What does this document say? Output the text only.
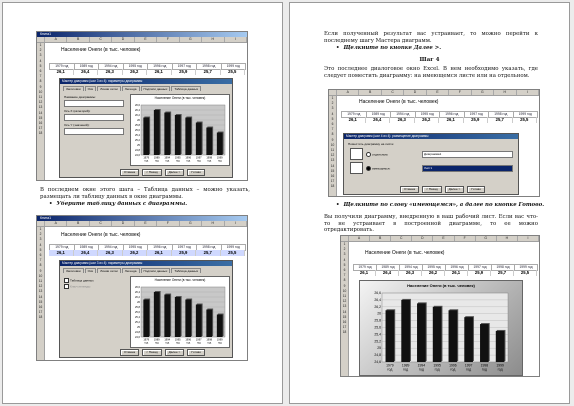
Книга1
A	B	C	D	E	F	G	H	I
1
2
3
4
5
6
7
8
9
10
11
12
13
14
15
16
17
18
Население Онеги (в тыс. человек)
1979 год	1989 год	1994 год	1995 год	1996 год	1997 год	1998 год	1999 год
26,1	26,4	26,3	26,2	26,1	25,9	25,7	25,5
Мастер диаграмм (шаг 3 из 4): параметры диаграммы
Заголовки	Оси	Линии сетки	Легенда	Подписи данных	Таблица данных
Название диаграммы:
Ось X (категорий):
Ось Y (значений):
Население Онеги (в тыс. человек)
24,6
24,8
25
25,2
25,4
25,6
25,8
26
26,2
26,4
26,6
1979 год
1989 год
1994 год
1995 год
1996 год
1997 год
1998 год
1999 год
Отмена	< Назад	Далее >	Готово
В последнем окне этого шага – Таблица данных – можно указать, размещать ли таблицу данных в окне диаграммы.
• Уберите таблицу данных с диаграммы.
Книга1
A	B	C	D	E	F	G	H	I
1
2
3
4
5
6
7
8
9
10
11
12
13
14
15
16
17
18
Население Онеги (в тыс. человек)
1979 год	1989 год	1994 год	1995 год	1996 год	1997 год	1998 год	1999 год
26,1	26,4	26,3	26,2	26,1	25,9	25,7	25,5
Мастер диаграмм (шаг 3 из 4): параметры диаграммы
Заголовки	Оси	Линии сетки	Легенда	Подписи данных	Таблица данных
Таблица данных
Ключ легенды
Население Онеги (в тыс. человек)
24,6
24,8
25
25,2
25,4
25,6
25,8
26
26,2
26,4
26,6
1979 год
1989 год
1994 год
1995 год
1996 год
1997 год
1998 год
1999 год
Отмена	< Назад	Далее >	Готово
Если полученный результат вас устраивает, то можно перейти к последнему шагу Мастера диаграмм.
• Щелкните по кнопке Далее >.
Шаг 4
Это последнее диалоговое окно Excel. В нем необходимо указать, где следует поместить диаграмму: на имеющемся листе или на отдельном.
A	B	C	D	E	F	G	H	I
1
2
3
4
5
6
7
8
9
10
11
12
13
14
15
16
17
18
Население Онеги (в тыс. человек)
1979 год	1989 год	1994 год	1995 год	1996 год	1997 год	1998 год	1999 год
26,1	26,4	26,3	26,2	26,1	25,9	25,7	25,5
Мастер диаграмм (шаг 4 из 4): размещение диаграммы
Поместить диаграмму на листе:
отдельном:	Диаграмма1
имеющемся:	Лист1
Отмена	< Назад	Далее >	Готово
• Щелкните по слову «имеющемся», а далее по кнопке Готово.
Вы получили диаграмму, внедренную в ваш рабочий лист. Если вас что-то не устраивает в построенной диаграмме, то ее можно отредактировать.
A	B	C	D	E	F	G	H	I
1
2
3
4
5
6
7
8
9
10
11
12
13
14
15
16
17
18
Население Онеги (в тыс. человек)
1979 год	1989 год	1994 год	1995 год	1996 год	1997 год	1998 год	1999 год
26,1	26,4	26,3	26,2	26,1	25,9	25,7	25,5
Население Онеги (в тыс. человек)
24,6
24,8
25
25,2
25,4
25,6
25,8
26
26,2
26,4
26,6
1979 год
1989 год
1994 год
1995 год
1996 год
1997 год
1998 год
1999 год
